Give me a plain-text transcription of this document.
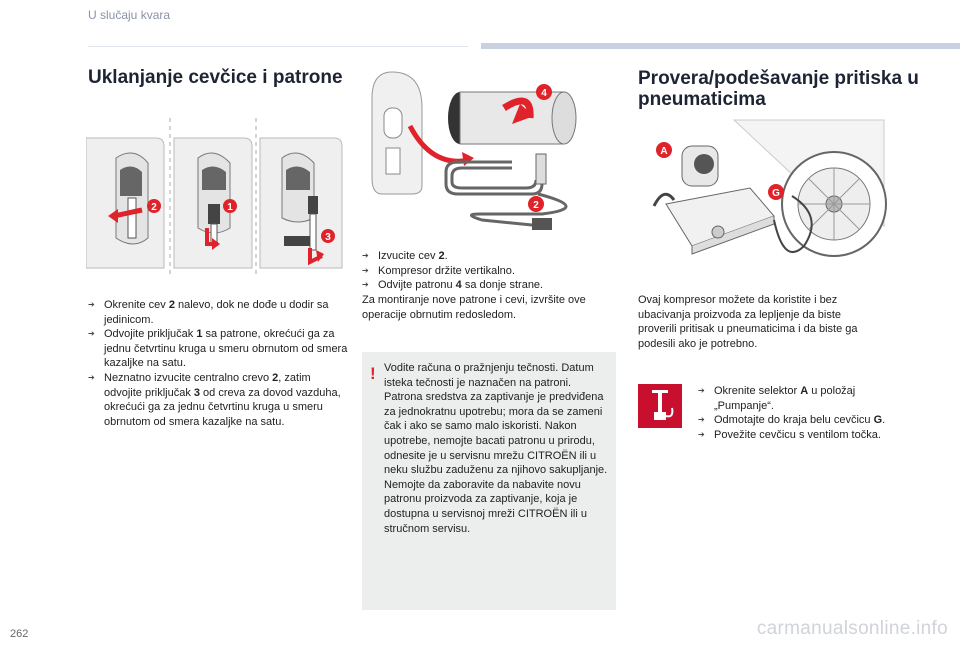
U slučaju kvara
Uklanjanje cevčice i patrone
2	1
3
➔ Okrenite cev 2 nalevo, dok ne dođe u dodir sa jedinicom.
➔ Odvojite priključak 1 sa patrone, okrećući ga za jednu četvrtinu kruga u smeru obrnutom od smera kazaljke na satu.
➔ Neznatno izvucite centralno crevo 2, zatim odvojite priključak 3 od creva za dovod vazduha, okrećući ga za jednu četvrtinu kruga u smeru obrnutom od smera kazaljke na satu.
4
2
➔ Izvucite cev 2.
➔ Kompresor držite vertikalno.
➔ Odvijte patronu 4 sa donje strane.
Za montiranje nove patrone i cevi, izvršite ove operacije obrnutim redosledom.
! Vodite računa o pražnjenju tečnosti. Datum isteka tečnosti je naznačen na patroni. Patrona sredstva za zaptivanje je predviđena za jednokratnu upotrebu; mora da se zameni čak i ako se samo malo iskoristi. Nakon upotrebe, nemojte bacati patronu u prirodu, odnesite je u servisnu mrežu CITROËN ili u neku službu zaduženu za njihovo sakupljanje. Nemojte da zaboravite da nabavite novu patronu proizvoda za zaptivanje, koja je dostupna u servisnoj mreži CITROËN ili u stručnom servisu.
Provera/podešavanje pritiska u pneumaticima
A
G
Ovaj kompresor možete da koristite i bez ubacivanja proizvoda za lepljenje da biste proverili pritisak u pneumaticima i da biste ga podesili ako je potrebno.
➔ Okrenite selektor A u položaj „Pumpanje“.
➔ Odmotajte do kraja belu cevčicu G.
➔ Povežite cevčicu s ventilom točka.
262	carmanualsonline.info
